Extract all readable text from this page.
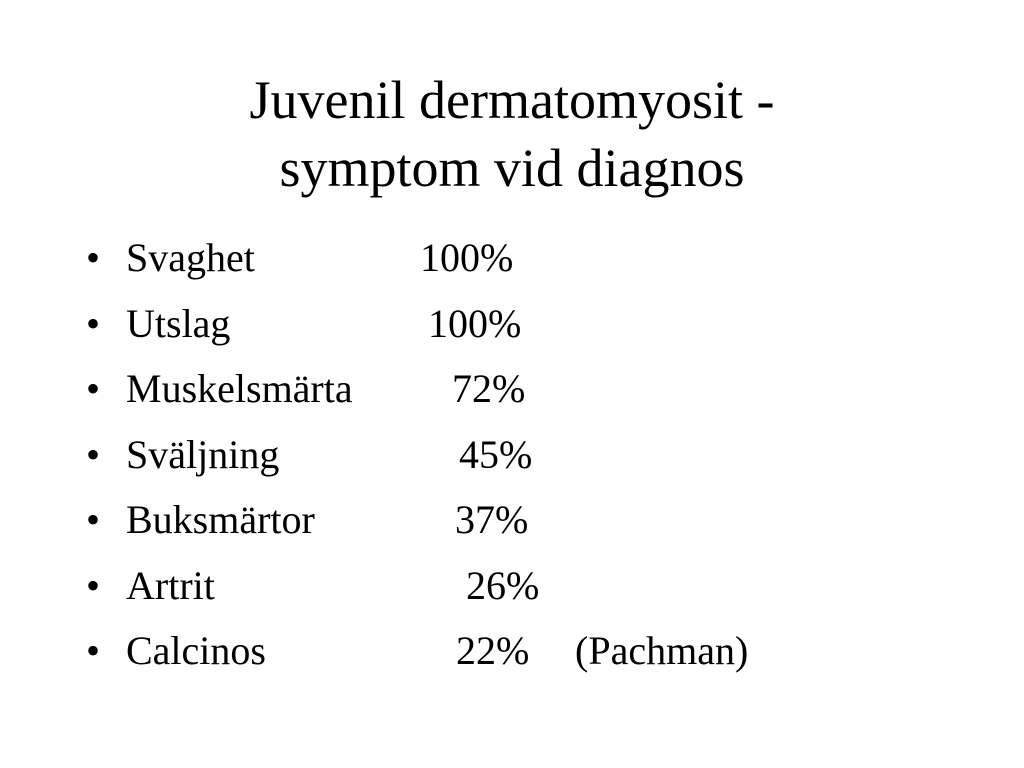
Juvenil dermatomyosit -
symptom vid diagnos
• Svaghet	100%
• Utslag	100%
• Muskelsmärta 72%
• Sväljning	45%
• Buksmärtor	37%
• Artrit	26%
• Calcinos	22% (Pachman)
